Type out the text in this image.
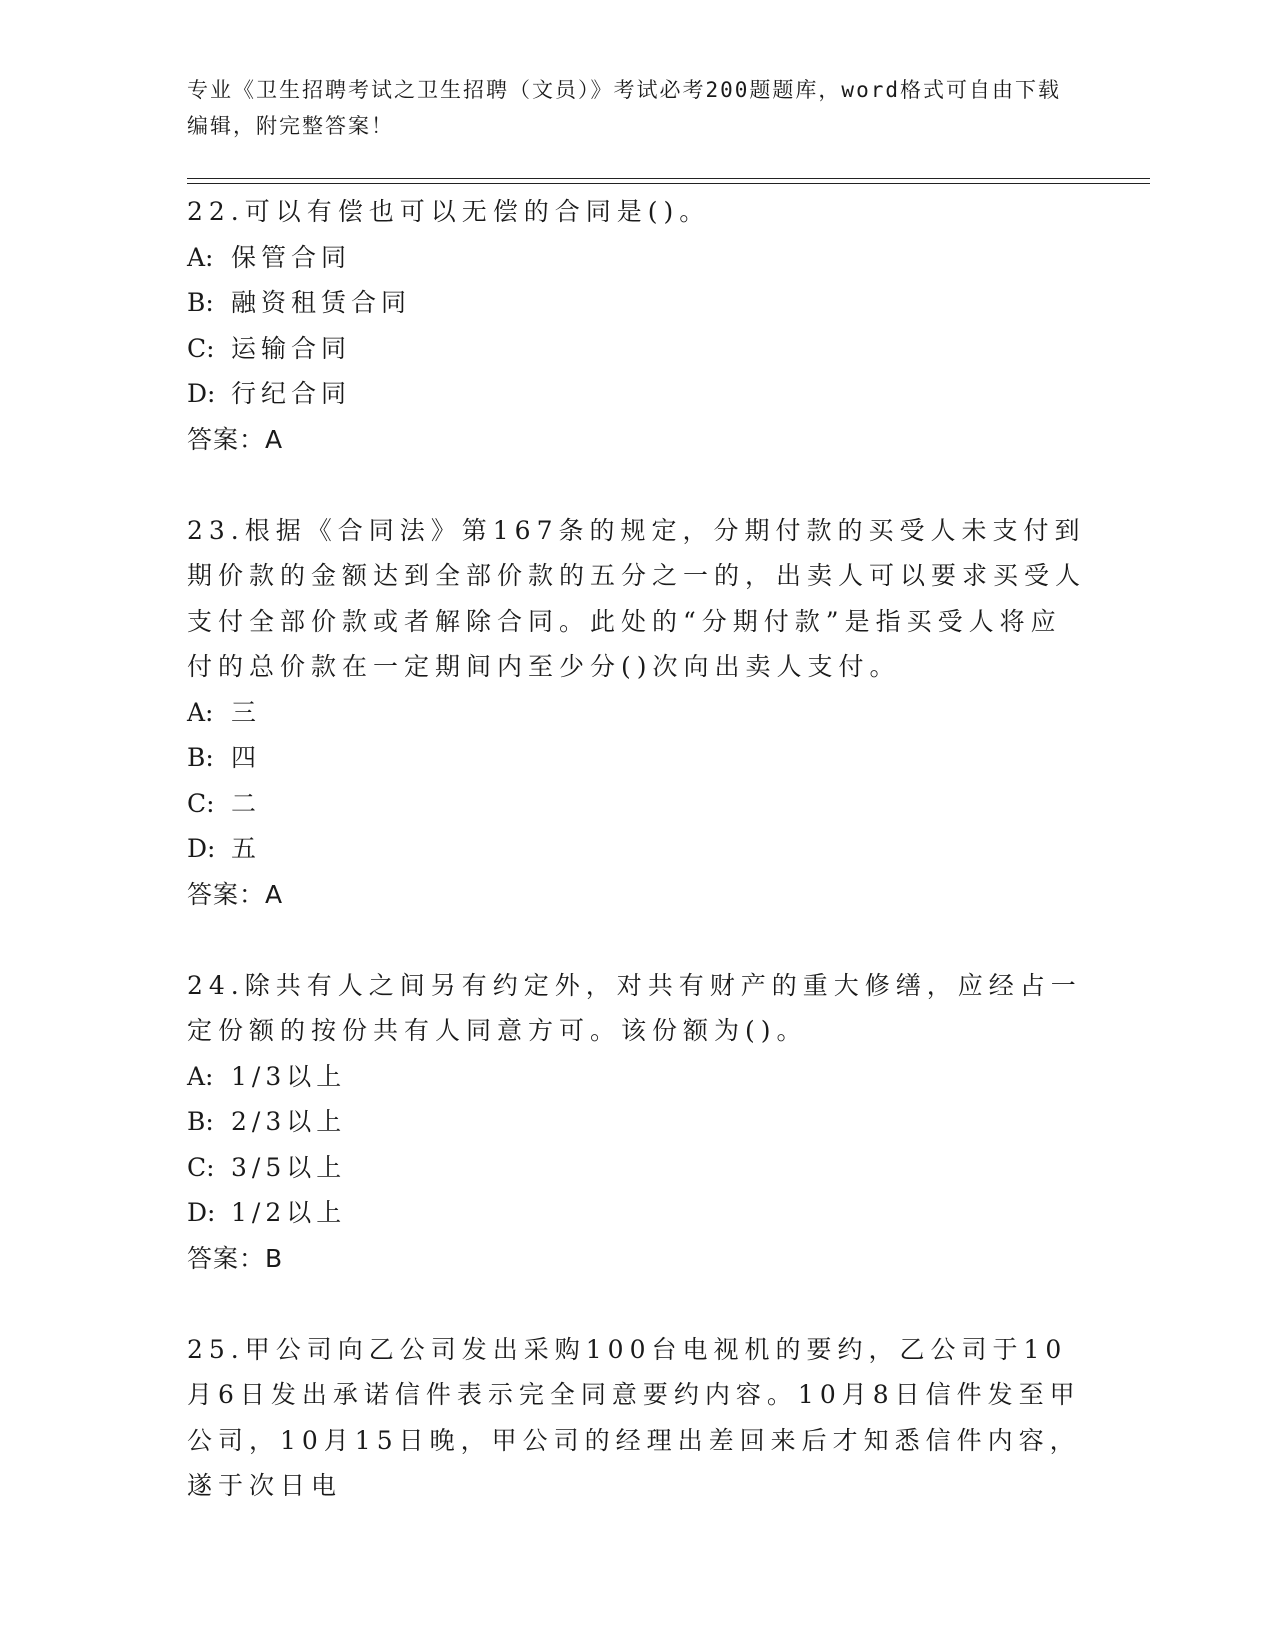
专业《卫生招聘考试之卫生招聘（文员）》考试必考200题题库，word格式可自由下载编辑，附完整答案！

22.可以有偿也可以无偿的合同是()。

A: 保管合同

B: 融资租赁合同

C: 运输合同

D: 行纪合同

答案：A

23.根据《合同法》第167条的规定，分期付款的买受人未支付到期价款的金额达到全部价款的五分之一的，出卖人可以要求买受人支付全部价款或者解除合同。此处的“分期付款”是指买受人将应付的总价款在一定期间内至少分()次向出卖人支付。

A: 三

B: 四

C: 二

D: 五

答案：A

24.除共有人之间另有约定外，对共有财产的重大修缮，应经占一定份额的按份共有人同意方可。该份额为()。

A: 1/3以上

B: 2/3以上

C: 3/5以上

D: 1/2以上

答案：B

25.甲公司向乙公司发出采购100台电视机的要约，乙公司于10月6日发出承诺信件表示完全同意要约内容。10月8日信件发至甲公司，10月15日晚，甲公司的经理出差回来后才知悉信件内容，遂于次日电
